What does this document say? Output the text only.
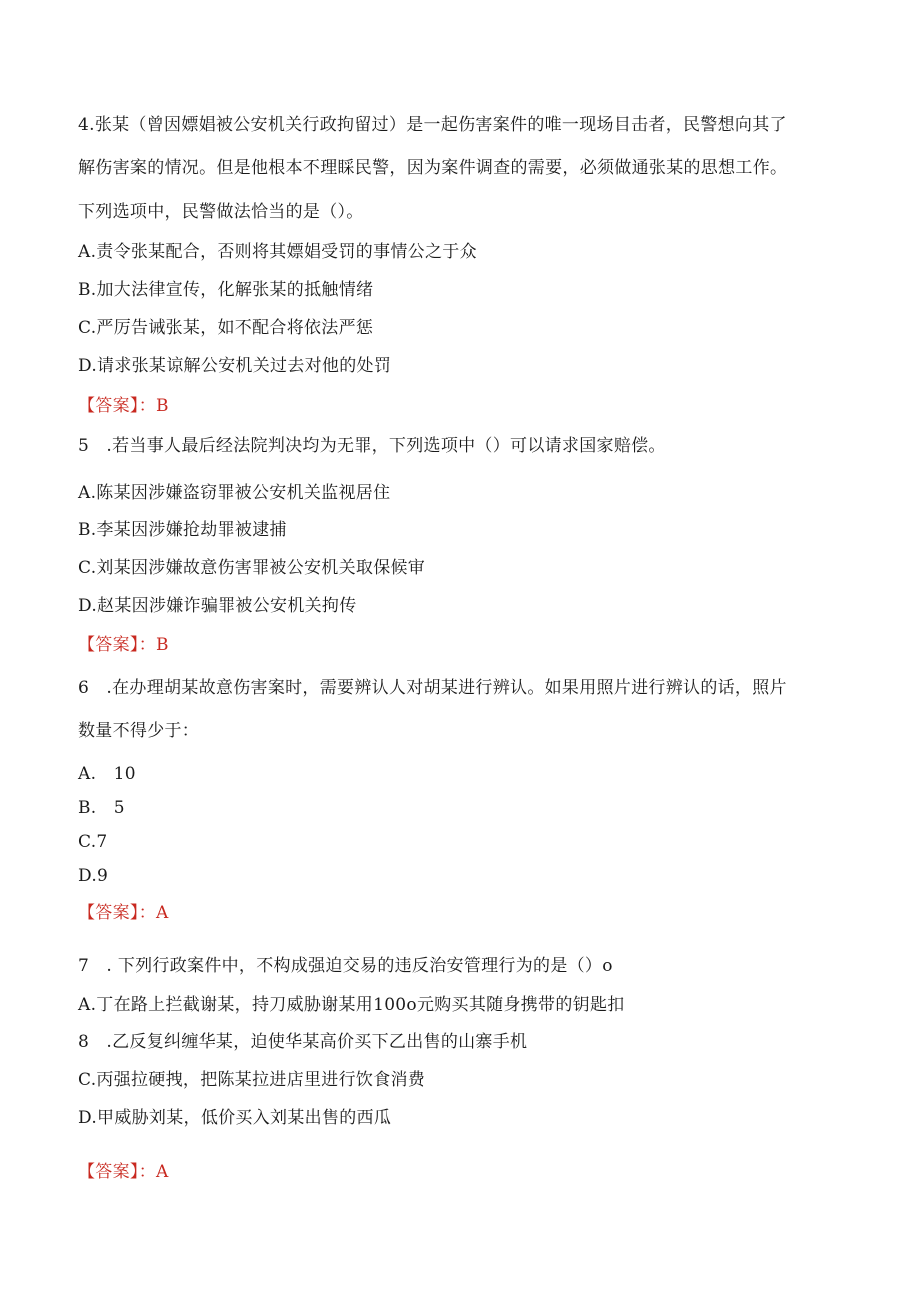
4.张某（曾因嫖娼被公安机关行政拘留过）是一起伤害案件的唯一现场目击者，民警想向其了
解伤害案的情况。但是他根本不理睬民警，因为案件调查的需要，必须做通张某的思想工作。
下列选项中，民警做法恰当的是（）。
A.责令张某配合，否则将其嫖娼受罚的事情公之于众
B.加大法律宣传，化解张某的抵触情绪
C.严厉告诫张某，如不配合将依法严惩
D.请求张某谅解公安机关过去对他的处罚
【答案】：B
5　.若当事人最后经法院判决均为无罪，下列选项中（）可以请求国家赔偿。
A.陈某因涉嫌盗窃罪被公安机关监视居住
B.李某因涉嫌抢劫罪被逮捕
C.刘某因涉嫌故意伤害罪被公安机关取保候审
D.赵某因涉嫌诈骗罪被公安机关拘传
【答案】：B
6　.在办理胡某故意伤害案时，需要辨认人对胡某进行辨认。如果用照片进行辨认的话，照片
数量不得少于：
A.　10
B.　5
C.7
D.9
【答案】：A
7　. 下列行政案件中，不构成强迫交易的违反治安管理行为的是（）o
A.丁在路上拦截谢某，持刀威胁谢某用100o元购买其随身携带的钥匙扣
8　.乙反复纠缠华某，迫使华某高价买下乙出售的山寨手机
C.丙强拉硬拽，把陈某拉进店里进行饮食消费
D.甲威胁刘某，低价买入刘某出售的西瓜
【答案】：A
